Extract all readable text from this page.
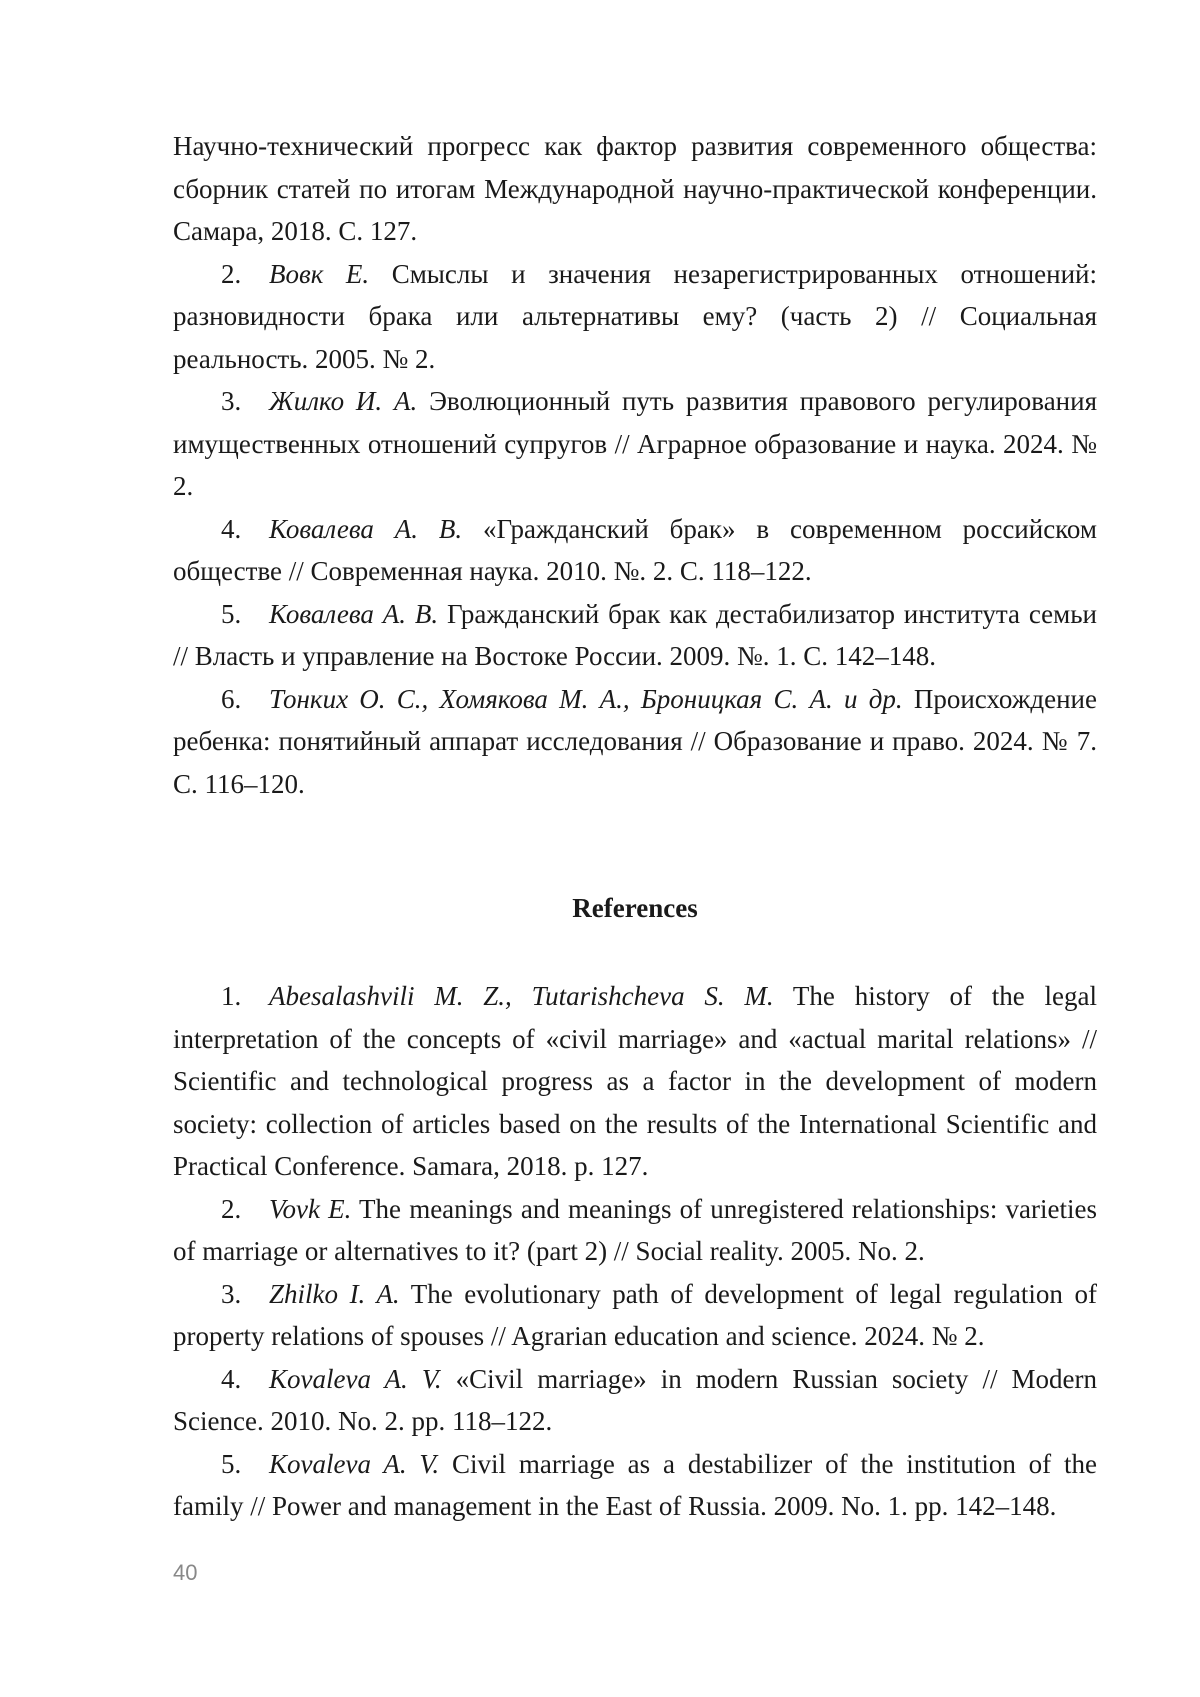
Научно-технический прогресс как фактор развития современного общества: сборник статей по итогам Международной научно-практической конференции. Самара, 2018. С. 127.

2. Вовк Е. Смыслы и значения незарегистрированных отношений: разновидности брака или альтернативы ему? (часть 2) // Социальная реальность. 2005. № 2.

3. Жилко И. А. Эволюционный путь развития правового регулирования имущественных отношений супругов // Аграрное образование и наука. 2024. № 2.

4. Ковалева А. В. «Гражданский брак» в современном российском обществе // Современная наука. 2010. №. 2. С. 118–122.

5. Ковалева А. В. Гражданский брак как дестабилизатор института семьи // Власть и управление на Востоке России. 2009. №. 1. С. 142–148.

6. Тонких О. С., Хомякова М. А., Броницкая С. А. и др. Происхождение ребенка: понятийный аппарат исследования // Образование и право. 2024. № 7. С. 116–120.

References

1. Abesalashvili M. Z., Tutarishcheva S. M. The history of the legal interpretation of the concepts of «civil marriage» and «actual marital relations» // Scientific and technological progress as a factor in the development of modern society: collection of articles based on the results of the International Scientific and Practical Conference. Samara, 2018. p. 127.

2. Vovk E. The meanings and meanings of unregistered relationships: varieties of marriage or alternatives to it? (part 2) // Social reality. 2005. No. 2.

3. Zhilko I. A. The evolutionary path of development of legal regulation of property relations of spouses // Agrarian education and science. 2024. № 2.

4. Kovaleva A. V. «Civil marriage» in modern Russian society // Modern Science. 2010. No. 2. pp. 118–122.

5. Kovaleva A. V. Civil marriage as a destabilizer of the institution of the family // Power and management in the East of Russia. 2009. No. 1. pp. 142–148.

40
